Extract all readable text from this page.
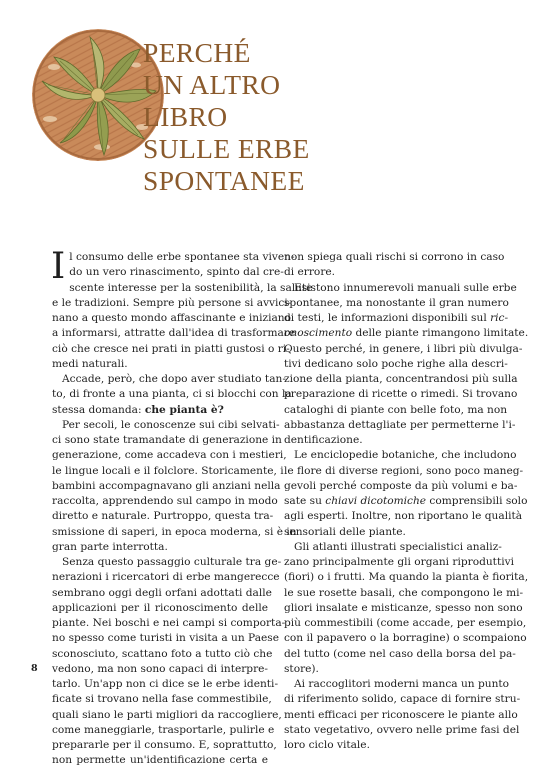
PERCHÉ
UN ALTRO
LIBRO
SULLE ERBE
SPONTANEE

I l consumo delle erbe spontanee sta viven-
do un vero rinascimento, spinto dal cre-
scente interesse per la sostenibilità, la salute
e le tradizioni. Sempre più persone si avvici-
nano a questo mondo affascinante e iniziano
a informarsi, attratte dall'idea di trasformare
ciò che cresce nei prati in piatti gustosi o ri-
medi naturali.

Accade, però, che dopo aver studiato tan-
to, di fronte a una pianta, ci si blocchi con la
stessa domanda: che pianta è?

Per secoli, le conoscenze sui cibi selvati-
ci sono state tramandate di generazione in
generazione, come accadeva con i mestieri,
le lingue locali e il folclore. Storicamente, i
bambini accompagnavano gli anziani nella
raccolta, apprendendo sul campo in modo
diretto e naturale. Purtroppo, questa tra-
smissione di saperi, in epoca moderna, si è in
gran parte interrotta.

Senza questo passaggio culturale tra ge-
nerazioni i ricercatori di erbe mangerecce
sembrano oggi degli orfani adottati dalle
applicazioni per il riconoscimento delle
piante. Nei boschi e nei campi si comporta-
no spesso come turisti in visita a un Paese
sconosciuto, scattano foto a tutto ciò che
vedono, ma non sono capaci di interpre-
tarlo. Un'app non ci dice se le erbe identi-
ficate si trovano nella fase commestibile,
quali siano le parti migliori da raccogliere,
come maneggiarle, trasportarle, pulirle e
prepararle per il consumo. E, soprattutto,
non permette un'identificazione certa e

non spiega quali rischi si corrono in caso
di errore.

Esistono innumerevoli manuali sulle erbe
spontanee, ma nonostante il gran numero
di testi, le informazioni disponibili sul ric-
onoscimento delle piante rimangono limitate.
Questo perché, in genere, i libri più divulga-
tivi dedicano solo poche righe alla descri-
zione della pianta, concentrandosi più sulla
preparazione di ricette o rimedi. Si trovano
cataloghi di piante con belle foto, ma non
abbastanza dettagliate per permetterne l'i-
dentificazione.

Le enciclopedie botaniche, che includono
le flore di diverse regioni, sono poco maneg-
gevoli perché composte da più volumi e ba-
sate su chiavi dicotomiche comprensibili solo
agli esperti. Inoltre, non riportano le qualità
sensoriali delle piante.

Gli atlanti illustrati specialistici analiz-
zano principalmente gli organi riproduttivi
(fiori) o i frutti. Ma quando la pianta è fiorita,
le sue rosette basali, che compongono le mi-
gliori insalate e misticanze, spesso non sono
più commestibili (come accade, per esempio,
con il papavero o la borragine) o scompaiono
del tutto (come nel caso della borsa del pa-
store).

Ai raccoglitori moderni manca un punto
di riferimento solido, capace di fornire stru-
menti efficaci per riconoscere le piante allo
stato vegetativo, ovvero nelle prime fasi del
loro ciclo vitale.

8
